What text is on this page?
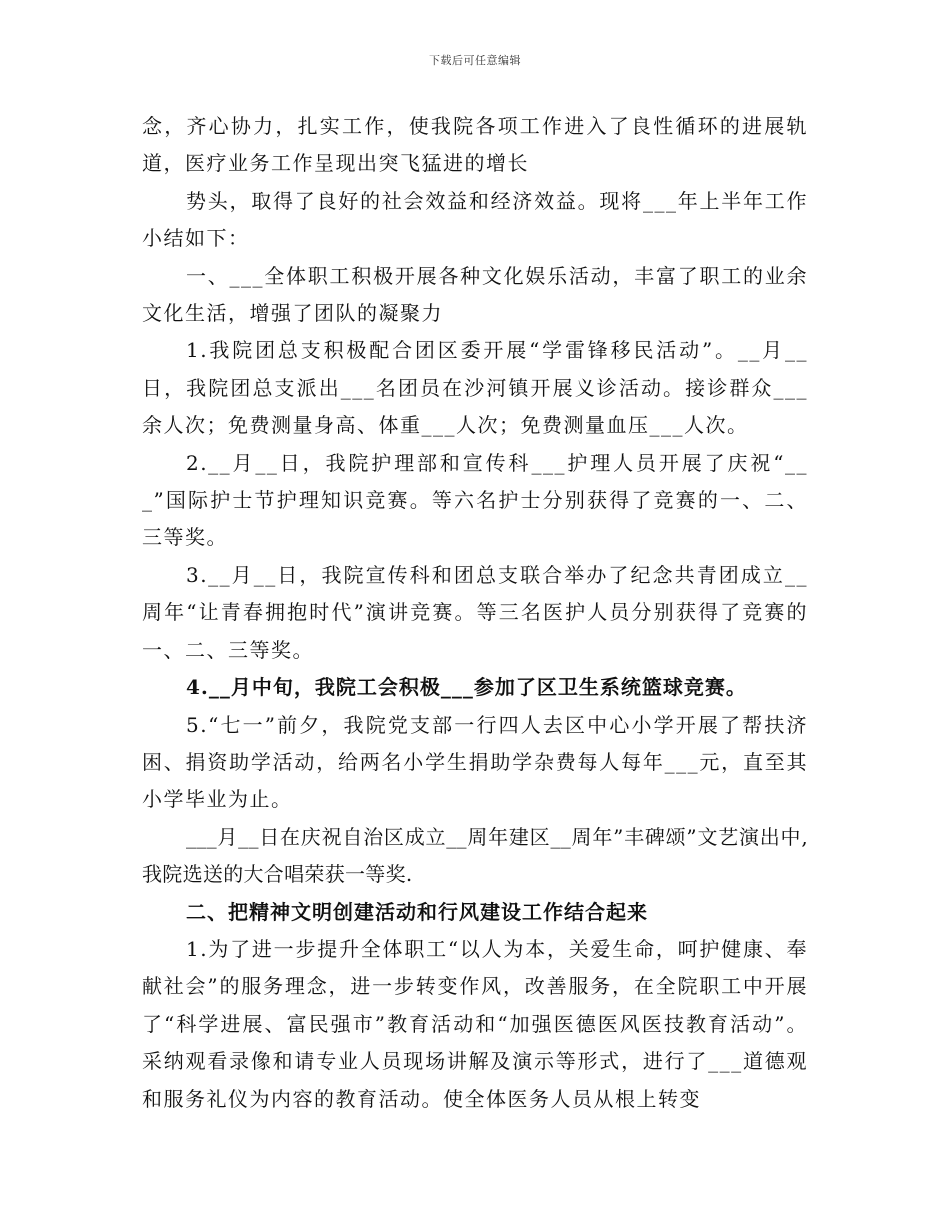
下载后可任意编辑

念，齐心协力，扎实工作，使我院各项工作进入了良性循环的进展轨道，医疗业务工作呈现出突飞猛进的增长

势头，取得了良好的社会效益和经济效益。现将___年上半年工作小结如下：

一、___全体职工积极开展各种文化娱乐活动，丰富了职工的业余文化生活，增强了团队的凝聚力

1.我院团总支积极配合团区委开展“学雷锋移民活动”。__月__日，我院团总支派出___名团员在沙河镇开展义诊活动。接诊群众___余人次；免费测量身高、体重___人次；免费测量血压___人次。

2.__月__日，我院护理部和宣传科___护理人员开展了庆祝“___”国际护士节护理知识竞赛。等六名护士分别获得了竞赛的一、二、三等奖。

3.__月__日，我院宣传科和团总支联合举办了纪念共青团成立__周年“让青春拥抱时代”演讲竞赛。等三名医护人员分别获得了竞赛的一、二、三等奖。

4.__月中旬，我院工会积极___参加了区卫生系统篮球竞赛。

5.“七一”前夕，我院党支部一行四人去区中心小学开展了帮扶济困、捐资助学活动，给两名小学生捐助学杂费每人每年___元，直至其小学毕业为止。

___月__日在庆祝自治区成立__周年建区__周年”丰碑颂”文艺演出中,我院选送的大合唱荣获一等奖.

二、把精神文明创建活动和行风建设工作结合起来

1.为了进一步提升全体职工“以人为本，关爱生命，呵护健康、奉献社会”的服务理念，进一步转变作风，改善服务，在全院职工中开展了“科学进展、富民强市”教育活动和“加强医德医风医技教育活动”。采纳观看录像和请专业人员现场讲解及演示等形式，进行了___道德观和服务礼仪为内容的教育活动。使全体医务人员从根上转变
